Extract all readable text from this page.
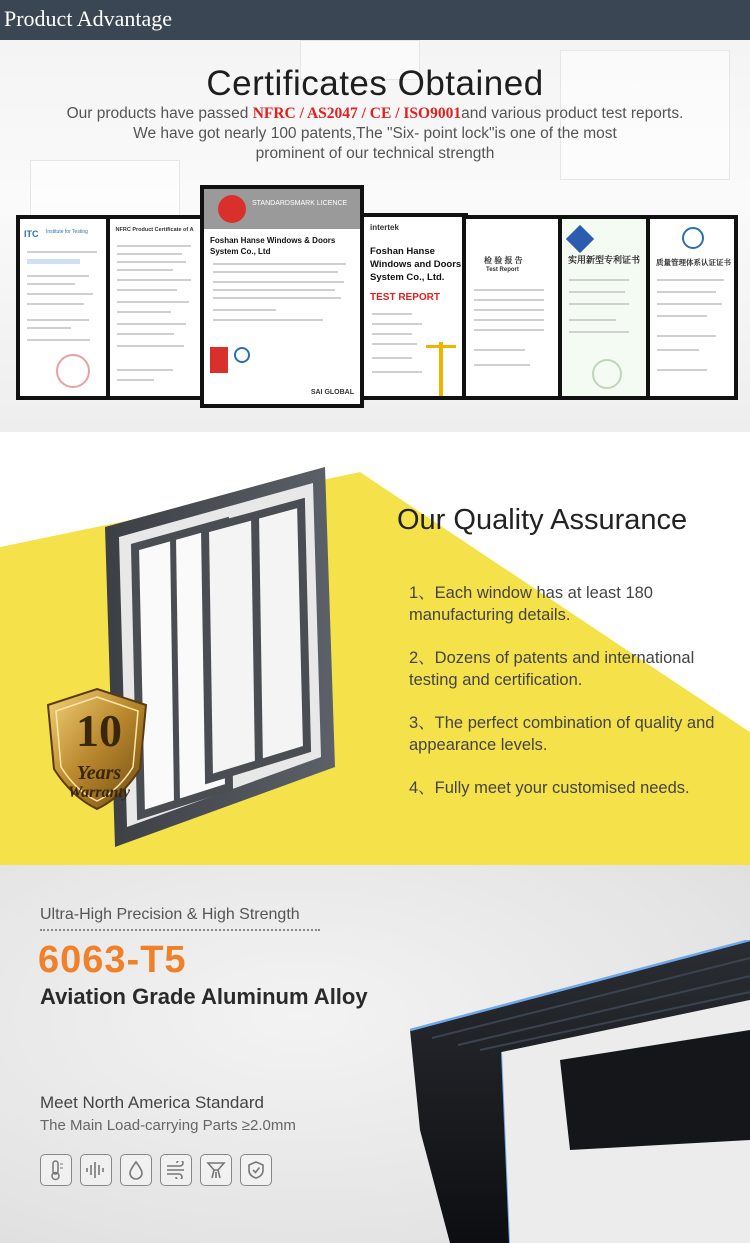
Product Advantage
Certificates Obtained
Our products have passed NFRC / AS2047 / CE / ISO9001and various product test reports.
We have got nearly 100 patents,The "Six- point lock"is one of the most
prominent of our technical strength
ITC Institute for Testing	NFRC Product Certificate of A
STANDARDSMARK LICENCE
Foshan Hanse Windows & Doors System Co., Ltd
SAI GLOBAL
intertek
Foshan Hanse Windows and Doors System Co., Ltd.
TEST REPORT
检 验 报 告
Test Report
实用新型专利证书 质量管理体系认证证书
10
Years
Warranty
Our Quality Assurance
1、Each window has at least 180 manufacturing details.
2、Dozens of patents and international testing and certification.
3、The perfect combination of quality and appearance levels.
4、Fully meet your customised needs.
Ultra-High Precision & High Strength
6063-T5
Aviation Grade Aluminum Alloy
Meet North America Standard
The Main Load-carrying Parts ≥2.0mm
